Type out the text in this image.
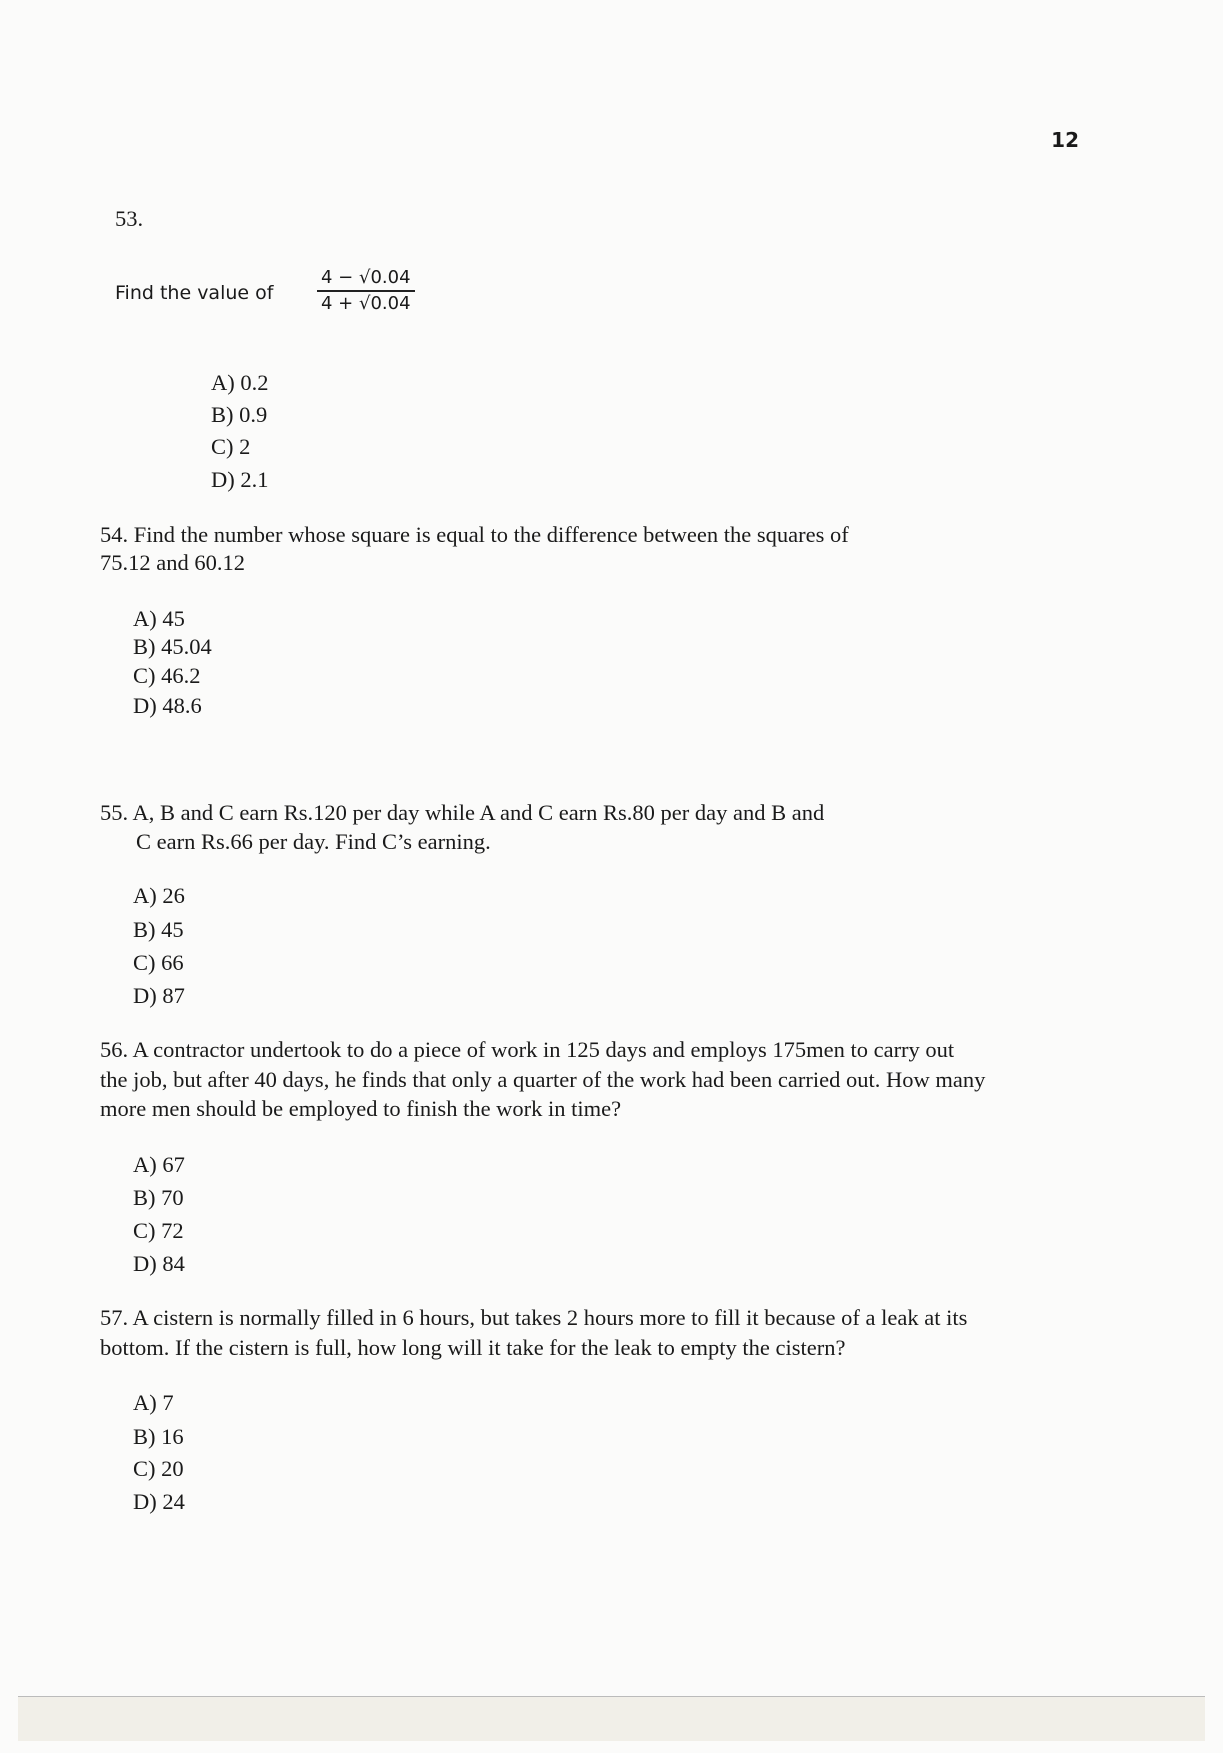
12
53.
Find the value of $\frac{4 - √0.04}{4 + √0.04}$
A) 0.2
B) 0.9
C) 2
D) 2.1
54. Find the number whose square is equal to the difference between the squares of
75.12 and 60.12
A) 45
B) 45.04
C) 46.2
D) 48.6
55. A, B and C earn Rs.120 per day while A and C earn Rs.80 per day and B and
C earn Rs.66 per day. Find C’s earning.
A) 26
B) 45
C) 66
D) 87
56. A contractor undertook to do a piece of work in 125 days and employs 175men to carry out
the job, but after 40 days, he finds that only a quarter of the work had been carried out. How many
more men should be employed to finish the work in time?
A) 67
B) 70
C) 72
D) 84
57. A cistern is normally filled in 6 hours, but takes 2 hours more to fill it because of a leak at its
bottom. If the cistern is full, how long will it take for the leak to empty the cistern?
A) 7
B) 16
C) 20
D) 24
